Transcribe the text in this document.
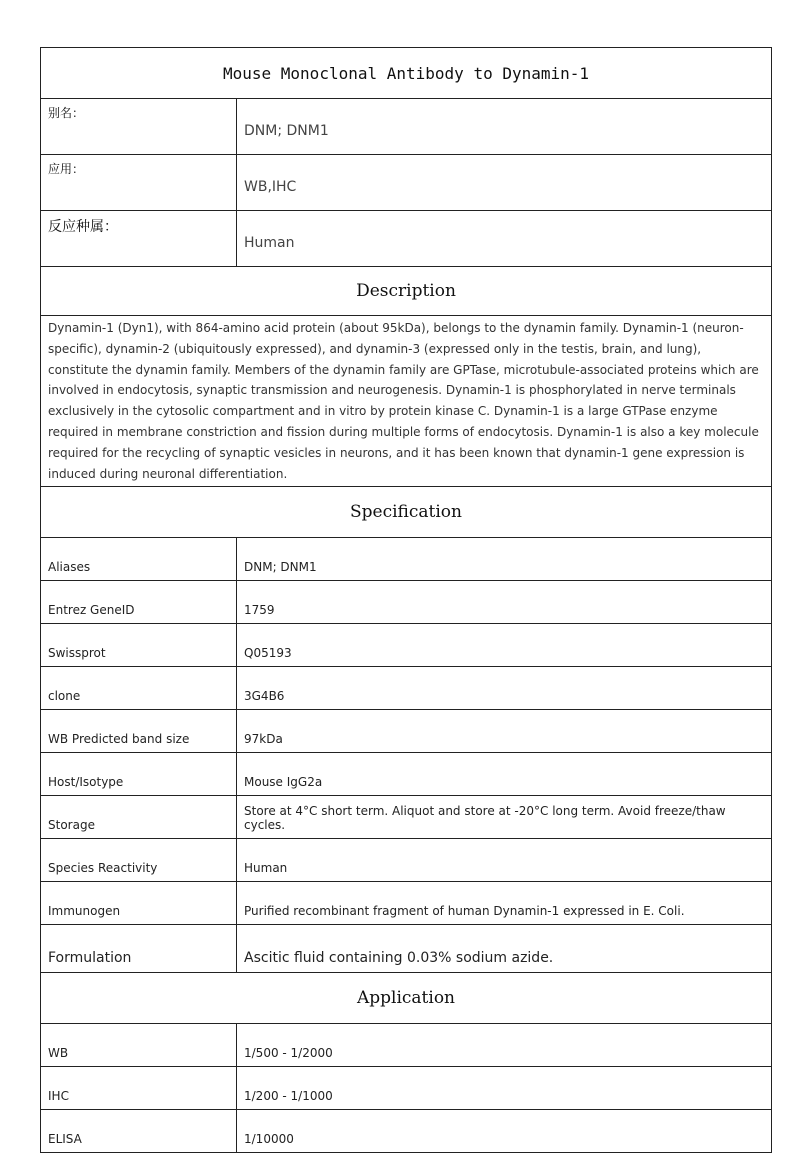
Mouse Monoclonal Antibody to Dynamin-1	
别名：	DNM; DNM1
应用：	WB,IHC
反应种属：	Human
Description	
Dynamin-1 (Dyn1), with 864-amino acid protein (about 95kDa), belongs to the dynamin family. Dynamin-1 (neuron-specific), dynamin-2 (ubiquitously expressed), and dynamin-3 (expressed only in the testis, brain, and lung), constitute the dynamin family. Members of the dynamin family are GPTase, microtubule-associated proteins which are involved in endocytosis, synaptic transmission and neurogenesis. Dynamin-1 is phosphorylated in nerve terminals exclusively in the cytosolic compartment and in vitro by protein kinase C. Dynamin-1 is a large GTPase enzyme required in membrane constriction and fission during multiple forms of endocytosis. Dynamin-1 is also a key molecule required for the recycling of synaptic vesicles in neurons, and it has been known that dynamin-1 gene expression is induced during neuronal differentiation.	
Specification	
Aliases	DNM; DNM1
Entrez GeneID	1759
Swissprot	Q05193
clone	3G4B6
WB Predicted band size	97kDa
Host/Isotype	Mouse IgG2a
Storage	Store at 4°C short term. Aliquot and store at -20°C long term. Avoid freeze/thaw cycles.
Species Reactivity	Human
Immunogen	Purified recombinant fragment of human Dynamin-1 expressed in E. Coli.
Formulation	Ascitic fluid containing 0.03% sodium azide.
Application	
WB	1/500 - 1/2000
IHC	1/200 - 1/1000
ELISA	1/10000
